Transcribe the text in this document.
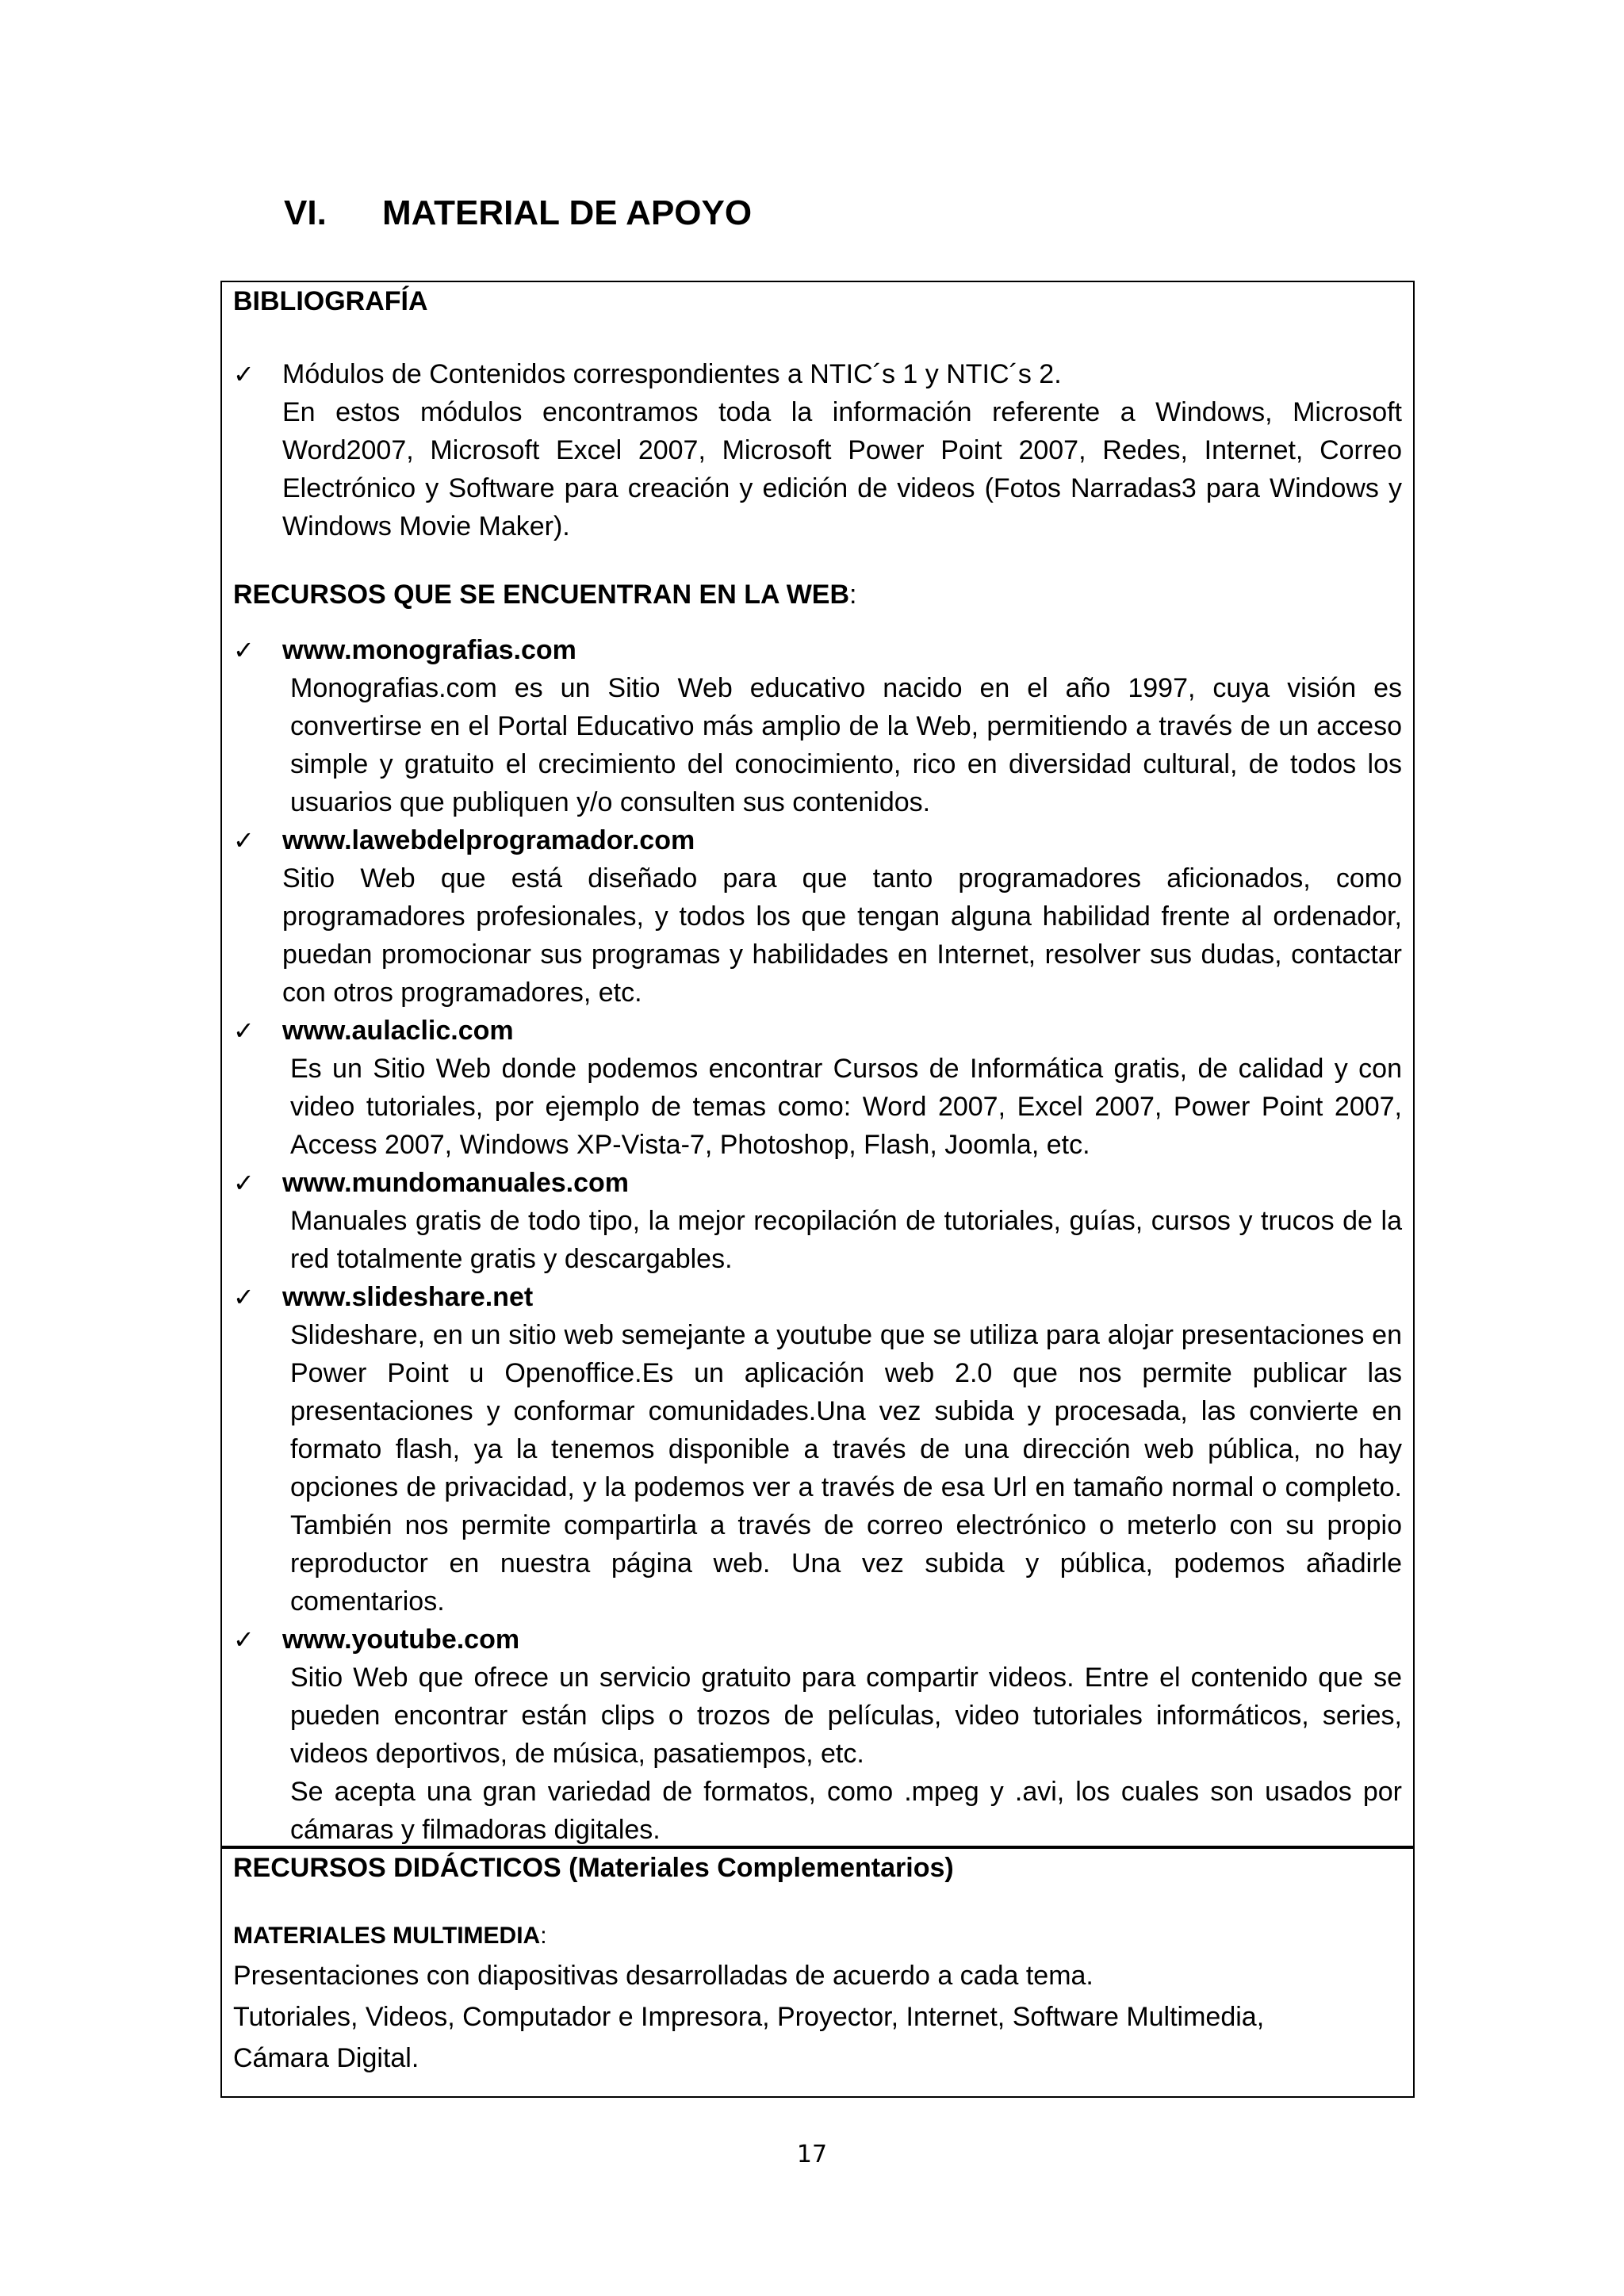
VI. MATERIAL DE APOYO

BIBLIOGRAFÍA

✓	Módulos de Contenidos correspondientes a NTIC´s 1 y NTIC´s 2.

En estos módulos encontramos toda la información referente a Windows, Microsoft Word2007, Microsoft Excel 2007, Microsoft Power Point 2007, Redes, Internet, Correo Electrónico y Software para creación y edición de videos (Fotos Narradas3 para Windows y Windows Movie Maker).

RECURSOS QUE SE ENCUENTRAN EN LA WEB:

✓	www.monografias.com

Monografias.com es un Sitio Web educativo nacido en el año 1997, cuya visión es convertirse en el Portal Educativo más amplio de la Web, permitiendo a través de un acceso simple y gratuito el crecimiento del conocimiento, rico en diversidad cultural, de todos los usuarios que publiquen y/o consulten sus contenidos.

✓	www.lawebdelprogramador.com

Sitio Web que está diseñado para que tanto programadores aficionados, como programadores profesionales, y todos los que tengan alguna habilidad frente al ordenador, puedan promocionar sus programas y habilidades en Internet, resolver sus dudas, contactar con otros programadores, etc.

✓	www.aulaclic.com

Es un Sitio Web donde podemos encontrar Cursos de Informática gratis, de calidad y con video tutoriales, por ejemplo de temas como: Word 2007, Excel 2007, Power Point 2007, Access 2007, Windows XP-Vista-7, Photoshop, Flash, Joomla, etc.

✓	www.mundomanuales.com

Manuales gratis de todo tipo, la mejor recopilación de tutoriales, guías, cursos y trucos de la red totalmente gratis y descargables.

✓	www.slideshare.net

Slideshare, en un sitio web semejante a youtube que se utiliza para alojar presentaciones en Power Point u Openoffice.Es un aplicación web 2.0 que nos permite publicar las presentaciones y conformar comunidades.Una vez subida y procesada, las convierte en formato flash, ya la tenemos disponible a través de una dirección web pública, no hay opciones de privacidad, y la podemos ver a través de esa Url en tamaño normal o completo. También nos permite compartirla a través de correo electrónico o meterlo con su propio reproductor en nuestra página web. Una vez subida y pública, podemos añadirle comentarios.

✓	www.youtube.com

Sitio Web que ofrece un servicio gratuito para compartir videos. Entre el contenido que se pueden encontrar están clips o trozos de películas, video tutoriales informáticos, series, videos deportivos, de música, pasatiempos, etc.

Se acepta una gran variedad de formatos, como .mpeg y .avi, los cuales son usados por cámaras y filmadoras digitales.

RECURSOS DIDÁCTICOS (Materiales Complementarios)

MATERIALES MULTIMEDIA:

Presentaciones con diapositivas desarrolladas de acuerdo a cada tema.

Tutoriales, Videos, Computador e Impresora, Proyector, Internet, Software Multimedia,

Cámara Digital.

17
